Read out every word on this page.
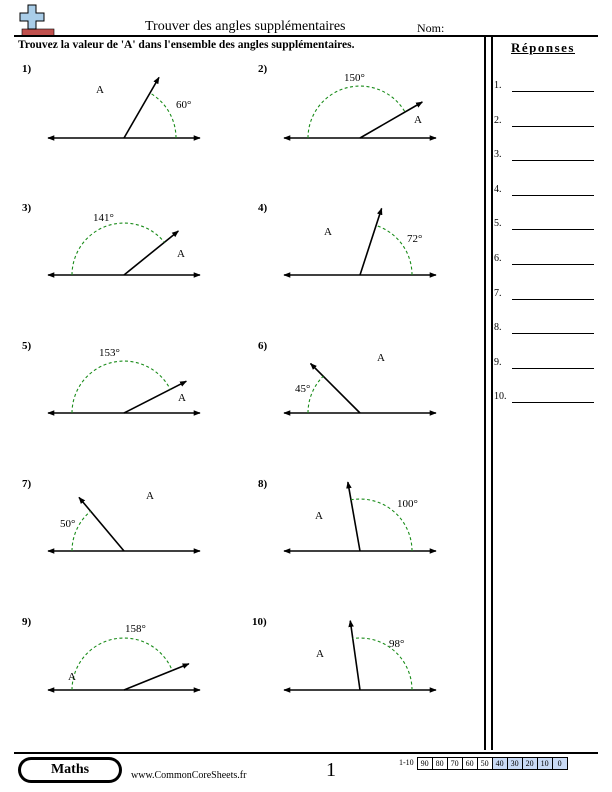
Trouver des angles supplémentaires	Nom:
Trouvez la valeur de 'A' dans l'ensemble des angles supplémentaires.	Réponses
1.
2.
3.
4.
5.
6.
7.
8.
9.
10.
60°
A
150°
A
141°
A
72°
A
153°
A
45°
A
50°
A
100°
A
158°
A
98°
A
1)	2)
3)	4)
5)	6)
7)	8)
9)	10)
Maths	www.CommonCoreSheets.fr	1	1-10 90 80 70 60 50 40 30 20 10	0
